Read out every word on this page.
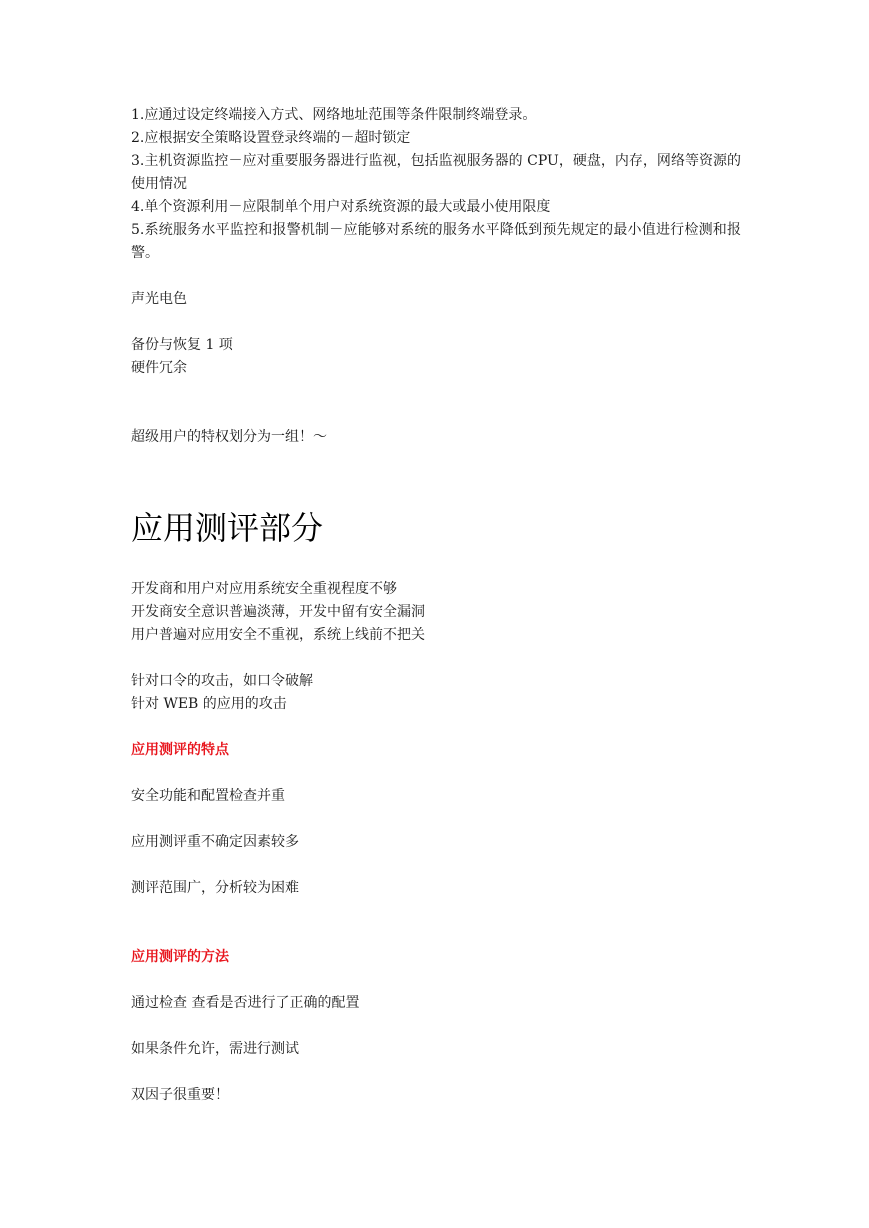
1.应通过设定终端接入方式、网络地址范围等条件限制终端登录。

2.应根据安全策略设置登录终端的－超时锁定

3.主机资源监控－应对重要服务器进行监视，包括监视服务器的 CPU，硬盘，内存，网络等资源的使用情况

4.单个资源利用－应限制单个用户对系统资源的最大或最小使用限度

5.系统服务水平监控和报警机制－应能够对系统的服务水平降低到预先规定的最小值进行检测和报警。

声光电色

备份与恢复 1 项

硬件冗余

超级用户的特权划分为一组！～

应用测评部分

开发商和用户对应用系统安全重视程度不够

开发商安全意识普遍淡薄，开发中留有安全漏洞

用户普遍对应用安全不重视，系统上线前不把关

针对口令的攻击，如口令破解

针对 WEB 的应用的攻击

应用测评的特点

安全功能和配置检查并重

应用测评重不确定因素较多

测评范围广，分析较为困难

应用测评的方法

通过检查 查看是否进行了正确的配置

如果条件允许，需进行测试

双因子很重要！
